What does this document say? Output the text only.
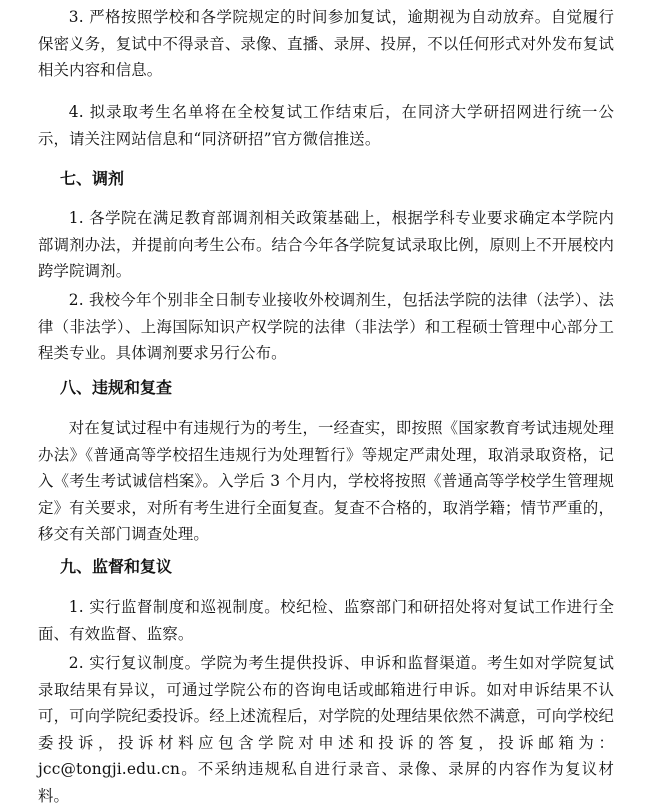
3. 严格按照学校和各学院规定的时间参加复试，逾期视为自动放弃。自觉履行保密义务，复试中不得录音、录像、直播、录屏、投屏，不以任何形式对外发布复试相关内容和信息。

4. 拟录取考生名单将在全校复试工作结束后，在同济大学研招网进行统一公示，请关注网站信息和“同济研招”官方微信推送。

七、调剂

1. 各学院在满足教育部调剂相关政策基础上，根据学科专业要求确定本学院内部调剂办法，并提前向考生公布。结合今年各学院复试录取比例，原则上不开展校内跨学院调剂。

2. 我校今年个别非全日制专业接收外校调剂生，包括法学院的法律（法学）、法律（非法学）、上海国际知识产权学院的法律（非法学）和工程硕士管理中心部分工程类专业。具体调剂要求另行公布。

八、违规和复查

对在复试过程中有违规行为的考生，一经查实，即按照《国家教育考试违规处理办法》《普通高等学校招生违规行为处理暂行》等规定严肃处理，取消录取资格，记入《考生考试诚信档案》。入学后 3 个月内，学校将按照《普通高等学校学生管理规定》有关要求，对所有考生进行全面复查。复查不合格的，取消学籍；情节严重的，移交有关部门调查处理。

九、监督和复议

1. 实行监督制度和巡视制度。校纪检、监察部门和研招处将对复试工作进行全面、有效监督、监察。

2. 实行复议制度。学院为考生提供投诉、申诉和监督渠道。考生如对学院复试录取结果有异议，可通过学院公布的咨询电话或邮箱进行申诉。如对申诉结果不认可，可向学院纪委投诉。经上述流程后，对学院的处理结果依然不满意，可向学校纪委投诉，投诉材料应包含学院对申述和投诉的答复，投诉邮箱为：jcc@tongji.edu.cn。不采纳违规私自进行录音、录像、录屏的内容作为复议材料。
